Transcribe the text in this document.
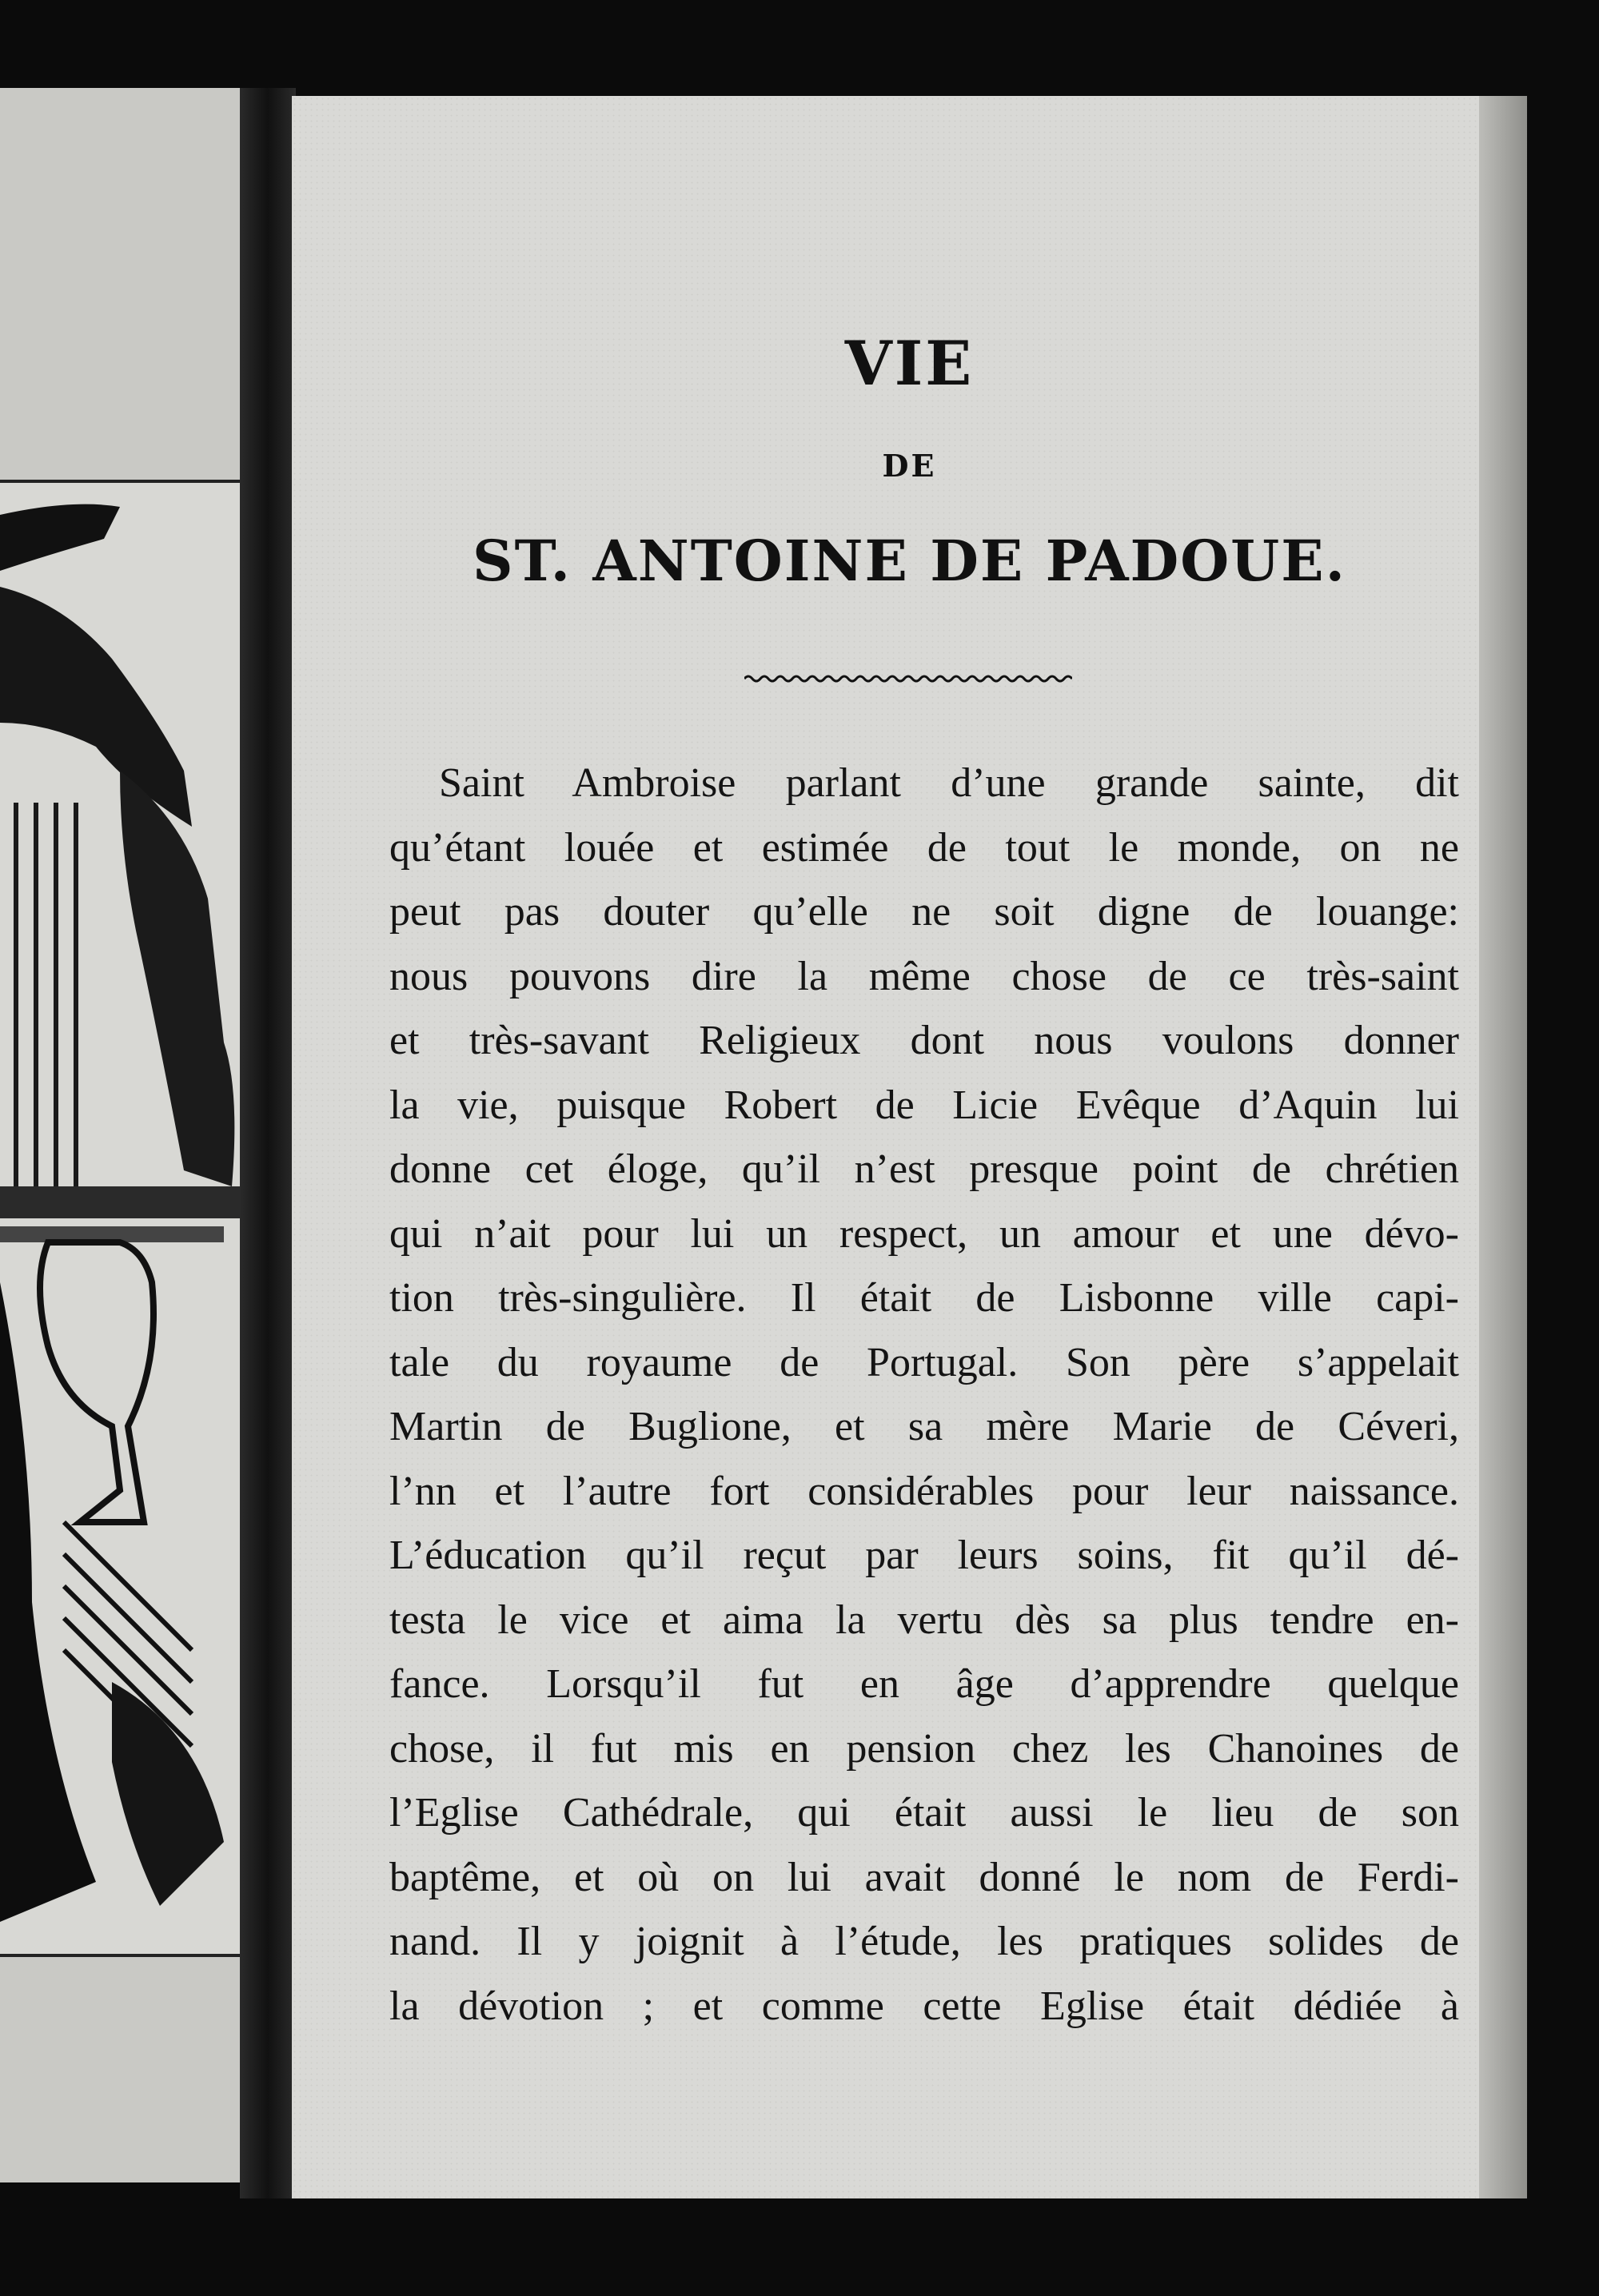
VIE
DE
ST. ANTOINE DE PADOUE.
Saint Ambroise parlant d’une grande sainte, dit
qu’étant louée et estimée de tout le monde, on ne
peut pas douter qu’elle ne soit digne de louange:
nous pouvons dire la même chose de ce très-saint
et très-savant Religieux dont nous voulons donner
la vie, puisque Robert de Licie Evêque d’Aquin lui
donne cet éloge, qu’il n’est presque point de chrétien
qui n’ait pour lui un respect, un amour et une dévo-
tion très-singulière. Il était de Lisbonne ville capi-
tale du royaume de Portugal. Son père s’appelait
Martin de Buglione, et sa mère Marie de Céveri,
l’nn et l’autre fort considérables pour leur naissance.
L’éducation qu’il reçut par leurs soins, fit qu’il dé-
testa le vice et aima la vertu dès sa plus tendre en-
fance. Lorsqu’il fut en âge d’apprendre quelque
chose, il fut mis en pension chez les Chanoines de
l’Eglise Cathédrale, qui était aussi le lieu de son
baptême, et où on lui avait donné le nom de Ferdi-
nand. Il y joignit à l’étude, les pratiques solides de
la dévotion ; et comme cette Eglise était dédiée à
